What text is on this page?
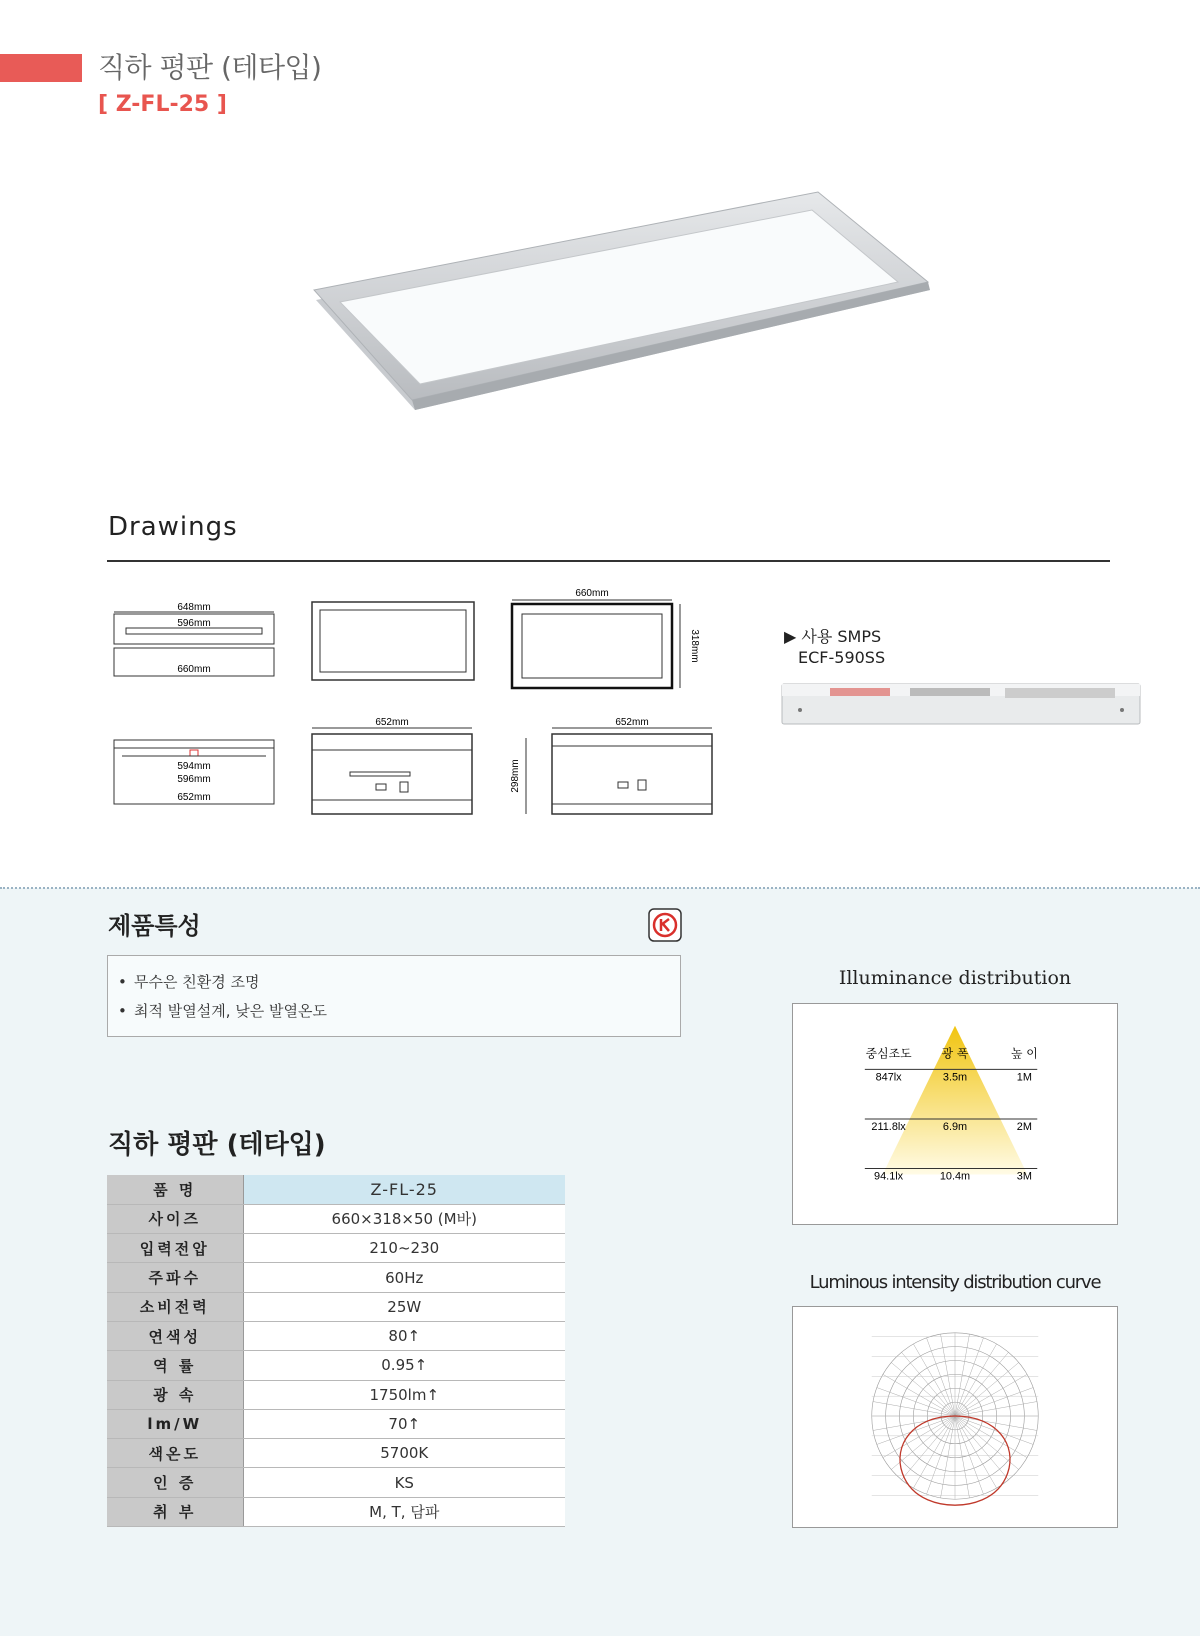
직하 평판 (테타입)
[ Z-FL-25 ]
Drawings
648mm
596mm
660mm
660mm
318mm
594mm
596mm
652mm
652mm	652mm
298mm
▶ 사용 SMPS
ECF-590SS
제품특성
• 무수은 친환경 조명
• 최적 발열설계, 낮은 발열온도
직하 평판 (테타입)
품 명	Z-FL-25
사이즈	660×318×50 (M바)
입력전압	210~230
주파수	60Hz
소비전력	25W
연색성	80↑
역 률	0.95↑
광 속	1750lm↑
lm/W	70↑
색온도	5700K
인 증	KS
취 부	M, T, 담파
Illuminance distribution
중심조도	광 폭	높 이
847lx	3.5m	1M
211.8lx	6.9m	2M
94.1lx	10.4m	3M
Luminous intensity distribution curve
